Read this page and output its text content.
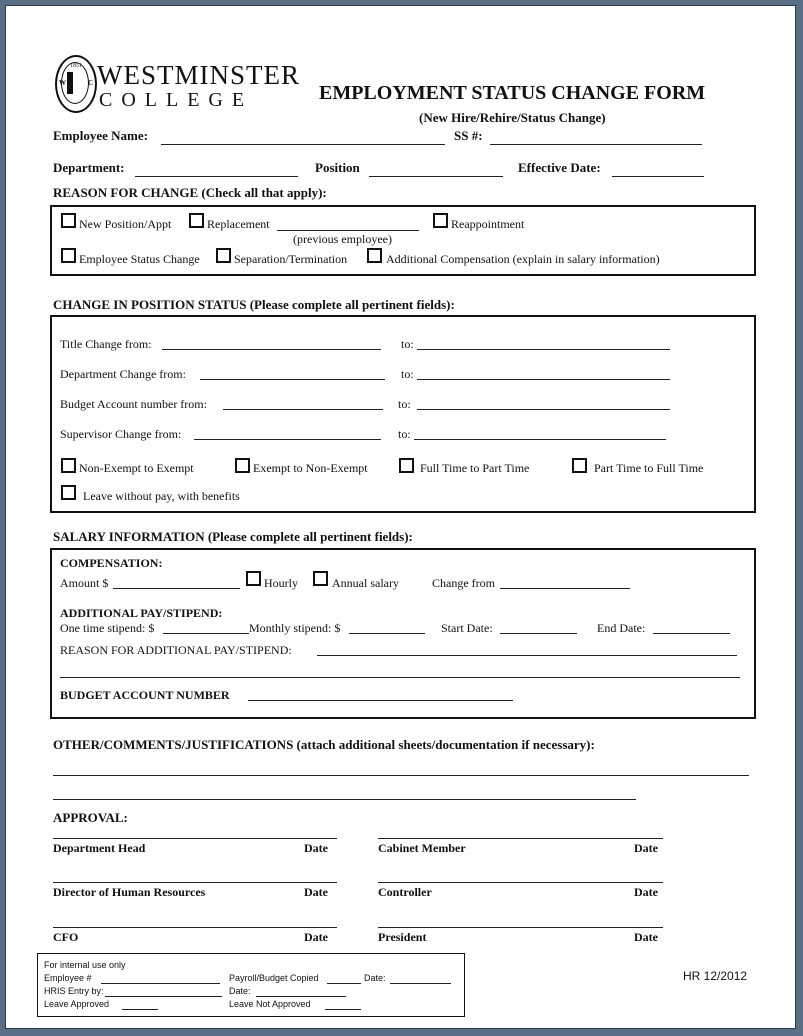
1851
W	C WESTMINSTER
COLLEGE	EMPLOYMENT STATUS CHANGE FORM
(New Hire/Rehire/Status Change)
Employee Name:	SS #:
Department:	Position	Effective Date:
REASON FOR CHANGE (Check all that apply):
New Position/Appt	Replacement
(previous employee)
Reappointment
Employee Status Change	Separation/Termination	Additional Compensation (explain in salary information)
CHANGE IN POSITION STATUS (Please complete all pertinent fields):
Title Change from:	to:
Department Change from:	to:
Budget Account number from:	to:
Supervisor Change from:	to:
Non-Exempt to Exempt	Exempt to Non-Exempt	Full Time to Part Time	Part Time to Full Time
Leave without pay, with benefits
SALARY INFORMATION (Please complete all pertinent fields):
COMPENSATION:
Amount $	Hourly	Annual salary	Change from
ADDITIONAL PAY/STIPEND:
One time stipend: $	Monthly stipend: $	Start Date:	End Date:
REASON FOR ADDITIONAL PAY/STIPEND:
BUDGET ACCOUNT NUMBER
OTHER/COMMENTS/JUSTIFICATIONS (attach additional sheets/documentation if necessary):
APPROVAL:
Department Head	Date	Cabinet Member	Date
Director of Human Resources	Date	Controller	Date
CFO	Date	President	Date
For internal use only
Employee #	Payroll/Budget Copied	Date:
HRIS Entry by:	Date:
Leave Approved	Leave Not Approved
HR 12/2012
